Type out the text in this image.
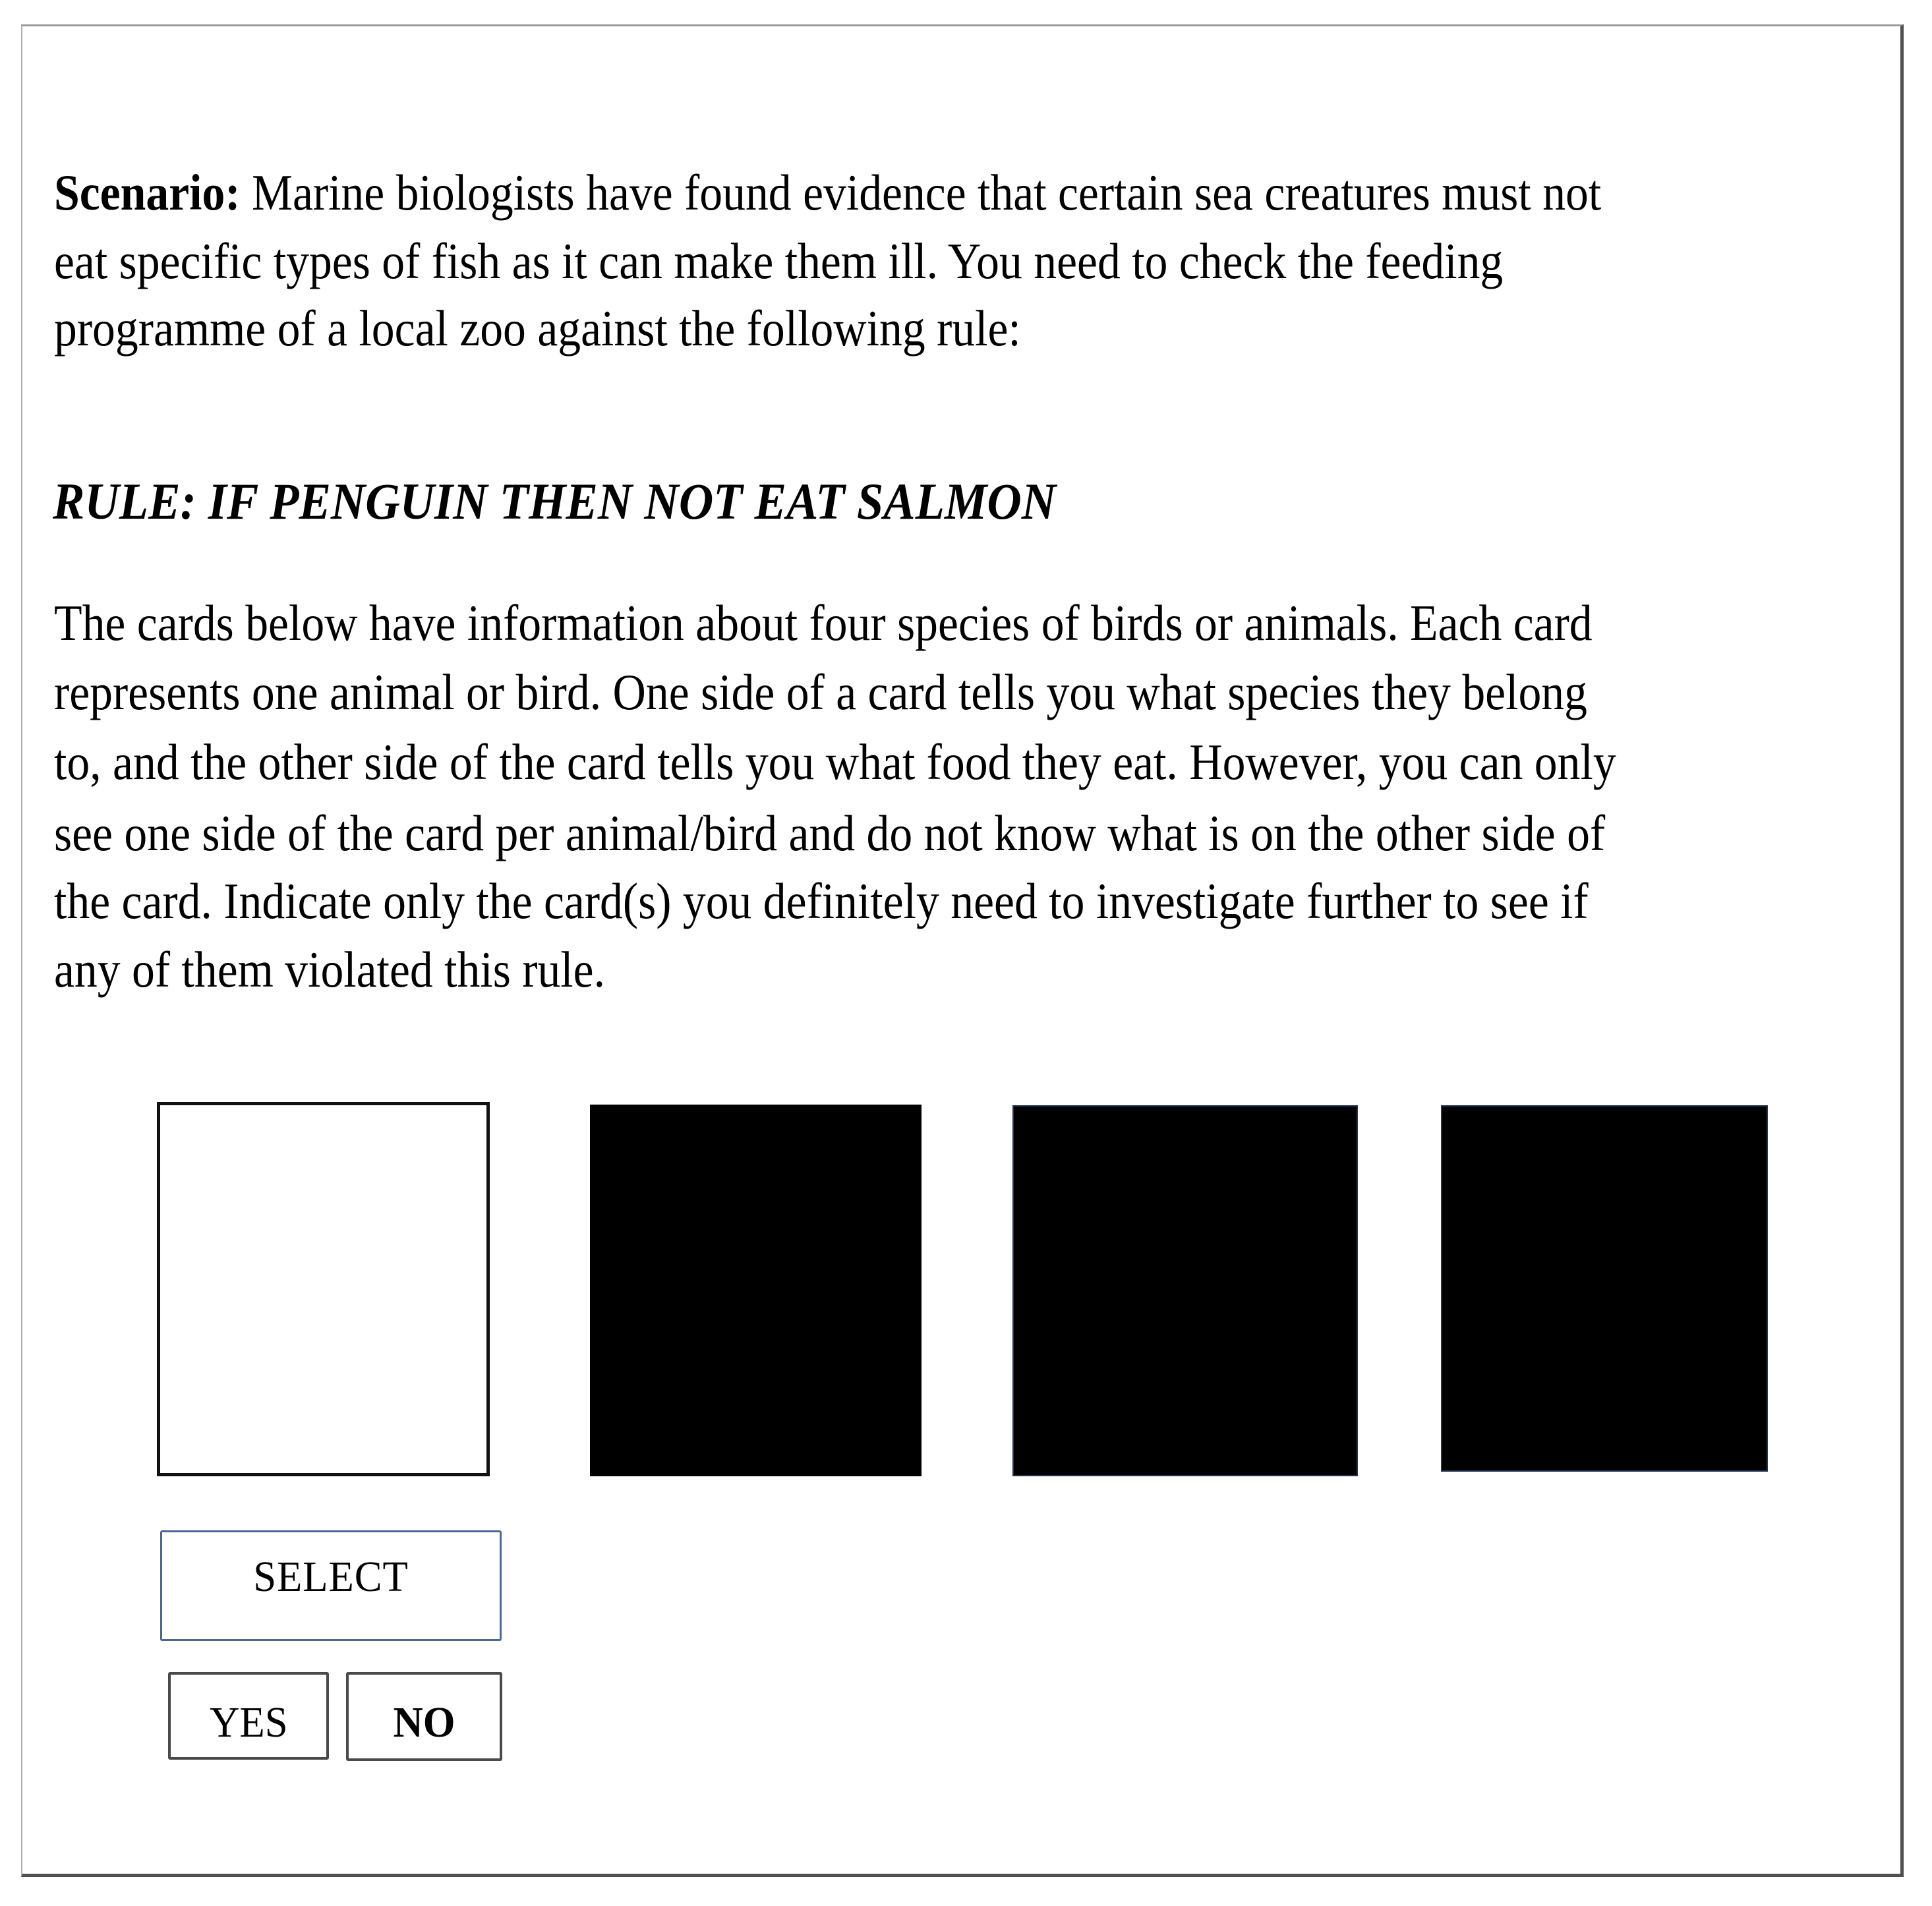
Scenario: Marine biologists have found evidence that certain sea creatures must not
eat specific types of fish as it can make them ill. You need to check the feeding
programme of a local zoo against the following rule:
RULE: IF PENGUIN THEN NOT EAT SALMON
The cards below have information about four species of birds or animals. Each card
represents one animal or bird. One side of a card tells you what species they belong
to, and the other side of the card tells you what food they eat. However, you can only
see one side of the card per animal/bird and do not know what is on the other side of
the card. Indicate only the card(s) you definitely need to investigate further to see if
any of them violated this rule.
SELECT
YES	NO
